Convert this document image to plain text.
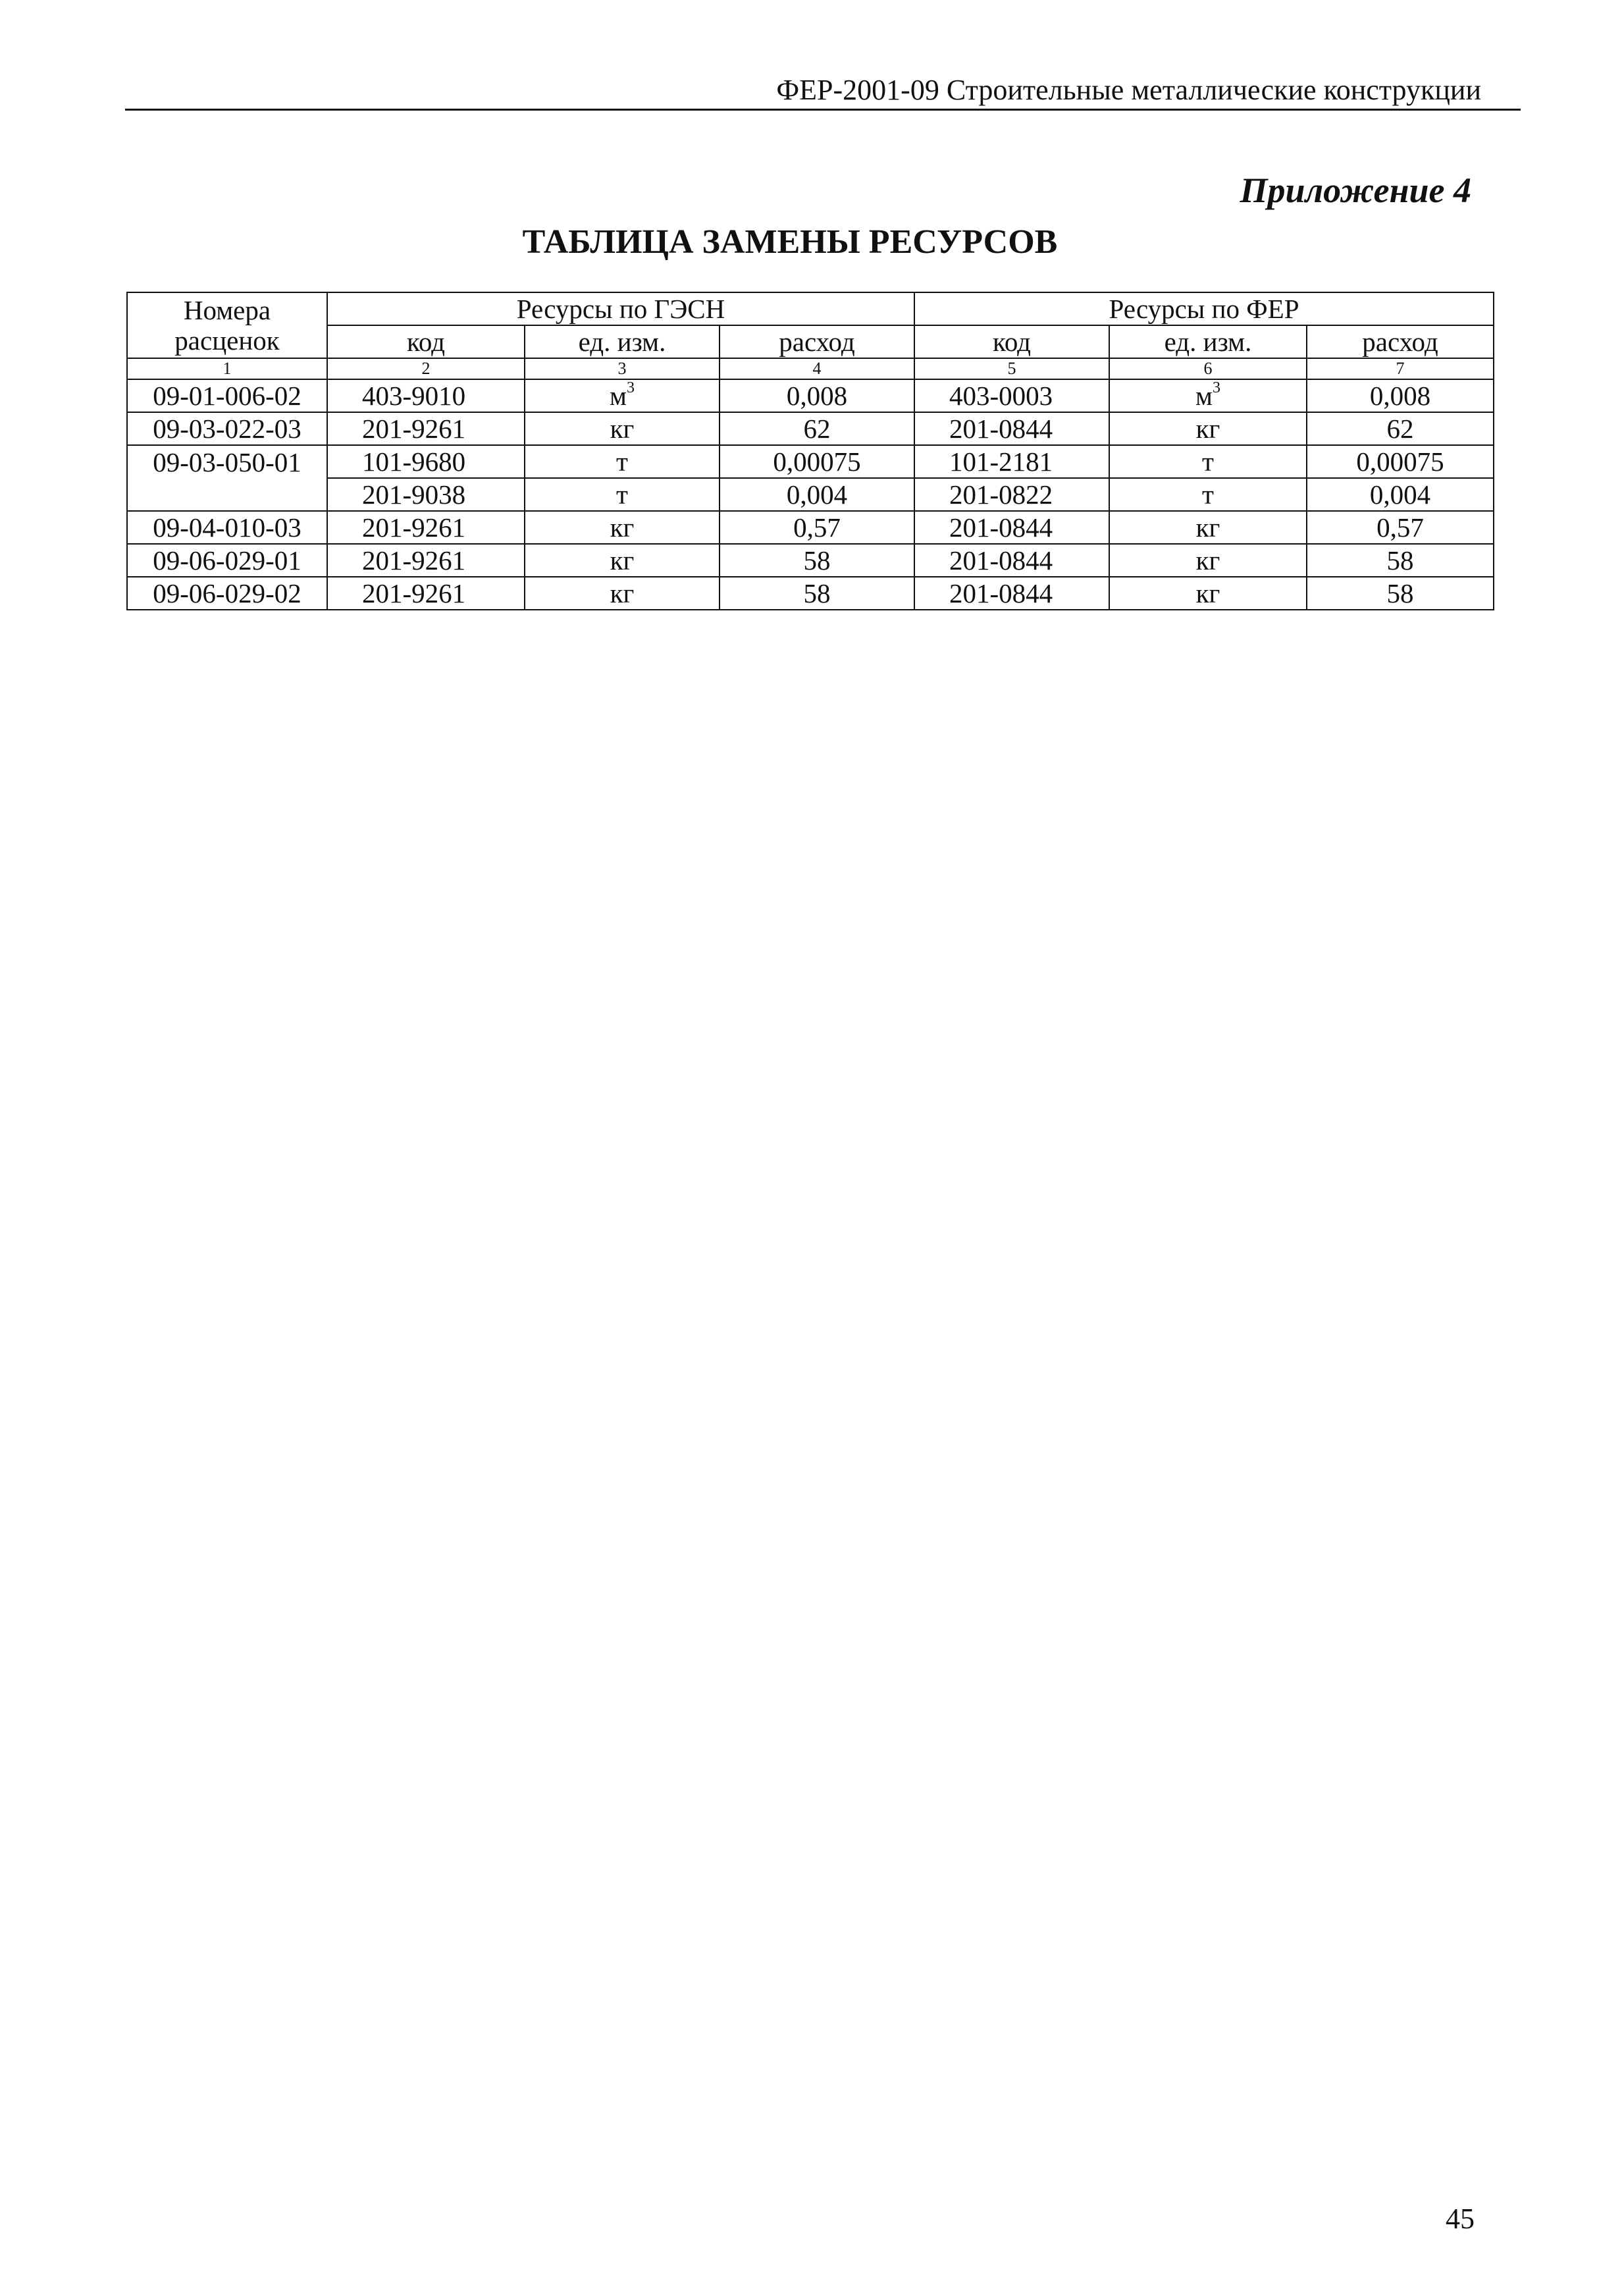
ФЕР-2001-09 Строительные металлические конструкции
Приложение 4
ТАБЛИЦА ЗАМЕНЫ РЕСУРСОВ
Номера расценок	Ресурсы по ГЭСН			Ресурсы по ФЕР		
	код	ед. изм.	расход	код	ед. изм.	расход
1	2	3	4	5	6	7
09-01-006-02	403-9010	$м^3$	0,008	403-0003	$м^3$	0,008
09-03-022-03	201-9261	кг	62	201-0844	кг	62
09-03-050-01	101-9680	т	0,00075	101-2181	т	0,00075
	201-9038	т	0,004	201-0822	т	0,004
09-04-010-03	201-9261	кг	0,57	201-0844	кг	0,57
09-06-029-01	201-9261	кг	58	201-0844	кг	58
09-06-029-02	201-9261	кг	58	201-0844	кг	58
45
